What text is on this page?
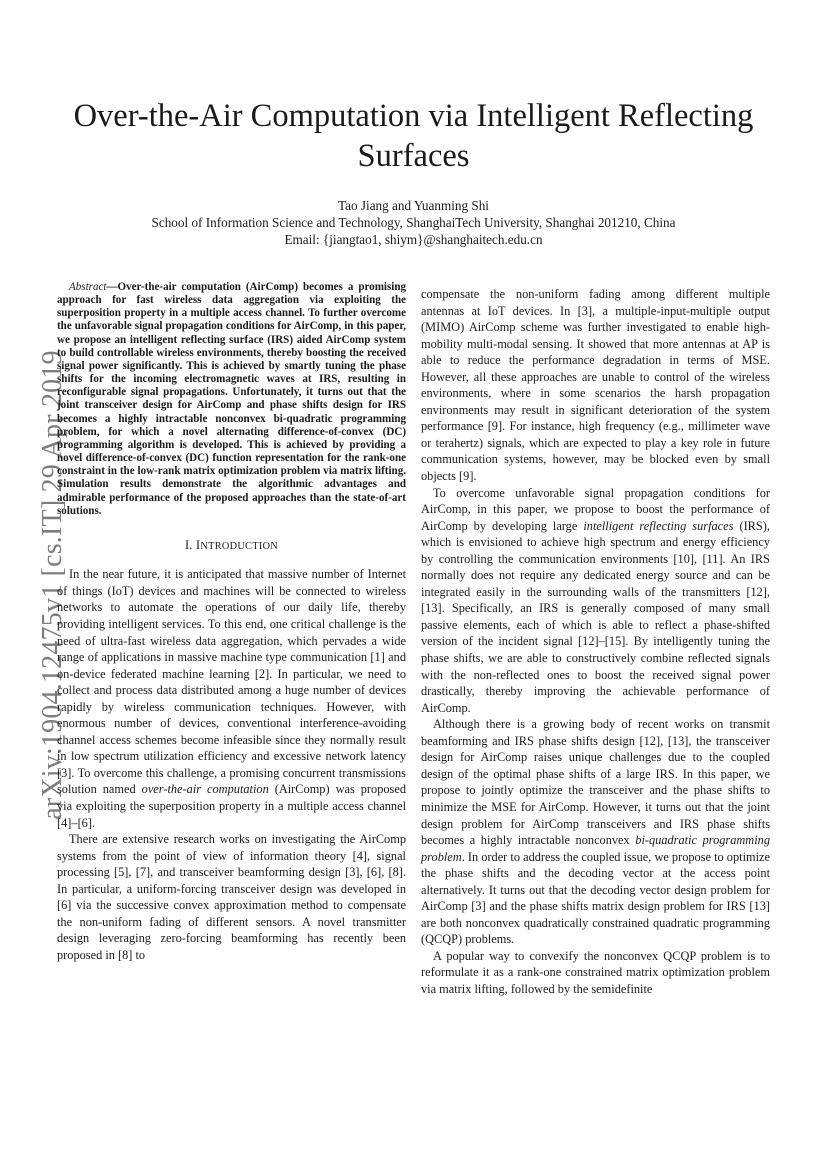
Over-the-Air Computation via Intelligent Reflecting Surfaces
Tao Jiang and Yuanming Shi
School of Information Science and Technology, ShanghaiTech University, Shanghai 201210, China
Email: {jiangtao1, shiym}@shanghaitech.edu.cn
arXiv:1904.12475v1 [cs.IT] 29 Apr 2019

Abstract—Over-the-air computation (AirComp) becomes a promising approach for fast wireless data aggregation via exploiting the superposition property in a multiple access channel. To further overcome the unfavorable signal propagation conditions for AirComp, in this paper, we propose an intelligent reflecting surface (IRS) aided AirComp system to build controllable wireless environments, thereby boosting the received signal power significantly. This is achieved by smartly tuning the phase shifts for the incoming electromagnetic waves at IRS, resulting in reconfigurable signal propagations. Unfortunately, it turns out that the joint transceiver design for AirComp and phase shifts design for IRS becomes a highly intractable nonconvex bi-quadratic programming problem, for which a novel alternating difference-of-convex (DC) programming algorithm is developed. This is achieved by providing a novel difference-of-convex (DC) function representation for the rank-one constraint in the low-rank matrix optimization problem via matrix lifting. Simulation results demonstrate the algorithmic advantages and admirable performance of the proposed approaches than the state-of-art solutions.

I. INTRODUCTION

In the near future, it is anticipated that massive number of Internet of things (IoT) devices and machines will be connected to wireless networks to automate the operations of our daily life, thereby providing intelligent services. To this end, one critical challenge is the need of ultra-fast wireless data aggregation, which pervades a wide range of applications in massive machine type communication [1] and on-device federated machine learning [2]. In particular, we need to collect and process data distributed among a huge number of devices rapidly by wireless communication techniques. However, with enormous number of devices, conventional interference-avoiding channel access schemes become infeasible since they normally result in low spectrum utilization efficiency and excessive network latency [3]. To overcome this challenge, a promising concurrent transmissions solution named over-the-air computation (AirComp) was proposed via exploiting the superposition property in a multiple access channel [4]–[6].

There are extensive research works on investigating the AirComp systems from the point of view of information theory [4], signal processing [5], [7], and transceiver beamforming design [3], [6], [8]. In particular, a uniform-forcing transceiver design was developed in [6] via the successive convex approximation method to compensate the non-uniform fading of different sensors. A novel transmitter design leveraging zero-forcing beamforming has recently been proposed in [8] to

compensate the non-uniform fading among different multiple antennas at IoT devices. In [3], a multiple-input-multiple output (MIMO) AirComp scheme was further investigated to enable high-mobility multi-modal sensing. It showed that more antennas at AP is able to reduce the performance degradation in terms of MSE. However, all these approaches are unable to control of the wireless environments, where in some scenarios the harsh propagation environments may result in significant deterioration of the system performance [9]. For instance, high frequency (e.g., millimeter wave or terahertz) signals, which are expected to play a key role in future communication systems, however, may be blocked even by small objects [9].

To overcome unfavorable signal propagation conditions for AirComp, in this paper, we propose to boost the performance of AirComp by developing large intelligent reflecting surfaces (IRS), which is envisioned to achieve high spectrum and energy efficiency by controlling the communication environments [10], [11]. An IRS normally does not require any dedicated energy source and can be integrated easily in the surrounding walls of the transmitters [12], [13]. Specifically, an IRS is generally composed of many small passive elements, each of which is able to reflect a phase-shifted version of the incident signal [12]–[15]. By intelligently tuning the phase shifts, we are able to constructively combine reflected signals with the non-reflected ones to boost the received signal power drastically, thereby improving the achievable performance of AirComp.

Although there is a growing body of recent works on transmit beamforming and IRS phase shifts design [12], [13], the transceiver design for AirComp raises unique challenges due to the coupled design of the optimal phase shifts of a large IRS. In this paper, we propose to jointly optimize the transceiver and the phase shifts to minimize the MSE for AirComp. However, it turns out that the joint design problem for AirComp transceivers and IRS phase shifts becomes a highly intractable nonconvex bi-quadratic programming problem. In order to address the coupled issue, we propose to optimize the phase shifts and the decoding vector at the access point alternatively. It turns out that the decoding vector design problem for AirComp [3] and the phase shifts matrix design problem for IRS [13] are both nonconvex quadratically constrained quadratic programming (QCQP) problems.

A popular way to convexify the nonconvex QCQP problem is to reformulate it as a rank-one constrained matrix optimization problem via matrix lifting, followed by the semidefinite
